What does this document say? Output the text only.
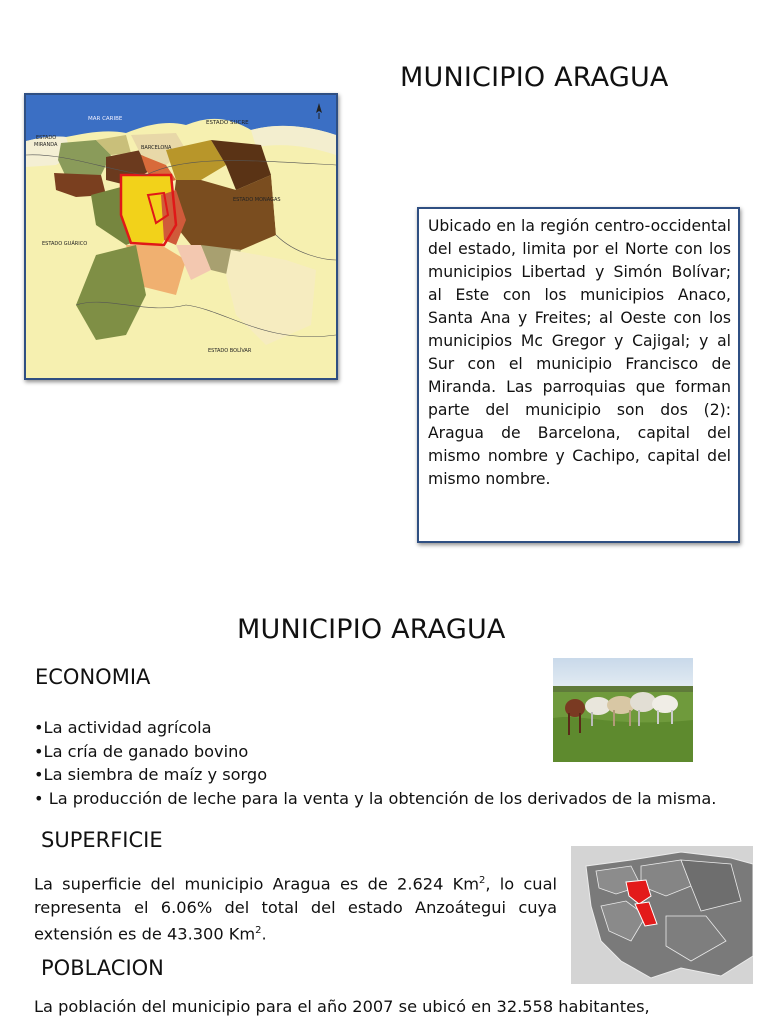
MUNICIPIO ARAGUA
MAR CARIBE
ESTADO SUCRE
ESTADO
MIRANDA	BARCELONA
ESTADO MONAGAS
ESTADO GUÁRICO
ESTADO BOLÍVAR

Ubicado en la región centro-occidental del estado, limita por el Norte con los municipios Libertad y Simón Bolívar; al Este con los municipios Anaco, Santa Ana y Freites; al Oeste con los municipios Mc Gregor y Cajigal; y al Sur con el municipio Francisco de Miranda. Las parroquias que forman parte del municipio son dos (2): Aragua de Barcelona, capital del mismo nombre y Cachipo, capital del mismo nombre.

MUNICIPIO ARAGUA
ECONOMIA
•La actividad agrícola
•La cría de ganado bovino
•La siembra de maíz y sorgo
• La producción de leche para la venta y la obtención de los derivados de la misma.
SUPERFICIE
La superficie del municipio Aragua es de 2.624 Km$^2$, lo cual representa el 6.06% del total del estado Anzoátegui cuya extensión es de 43.300 Km$^2$.
POBLACION
La población del municipio para el año 2007 se ubicó en 32.558 habitantes,
